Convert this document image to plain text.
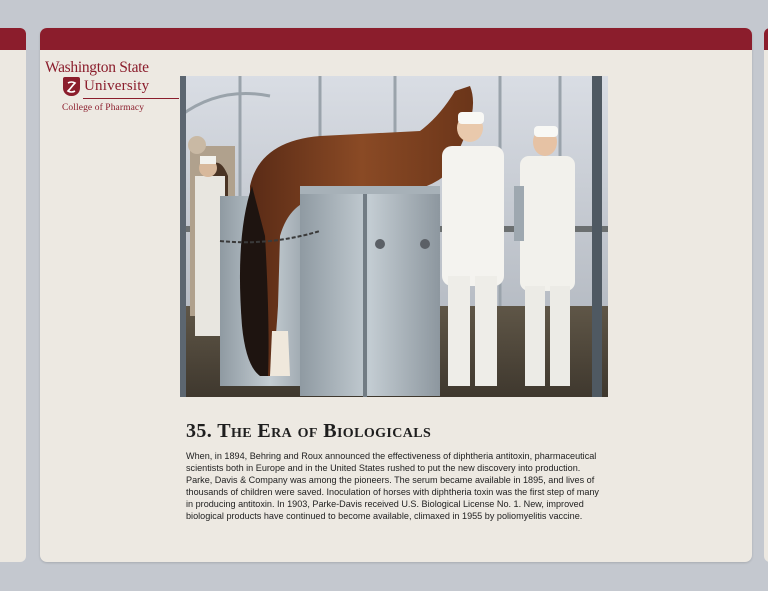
Washington State
University
College of Pharmacy
35. The Era of Biologicals
When, in 1894, Behring and Roux announced the effectiveness of diphtheria antitoxin, pharmaceutical scientists both in Europe and in the United States rushed to put the new discovery into production. Parke, Davis & Company was among the pioneers. The serum became available in 1895, and lives of thousands of children were saved. Inoculation of horses with diphtheria toxin was the first step of many in producing antitoxin. In 1903, Parke-Davis received U.S. Biological License No. 1. New, improved biological products have continued to become available, climaxed in 1955 by poliomyelitis vaccine.
